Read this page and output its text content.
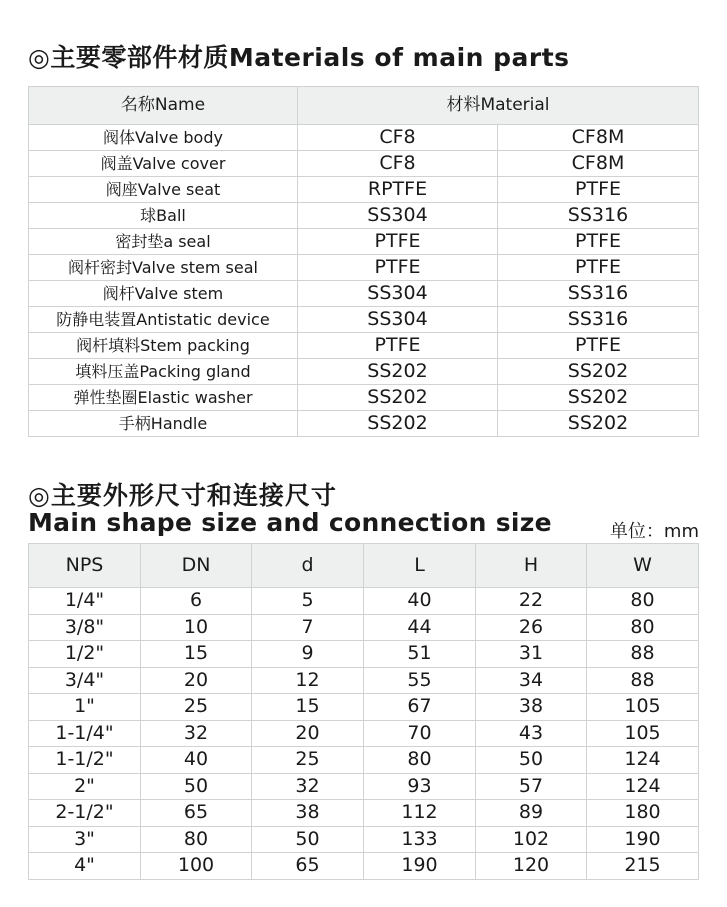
◎主要零部件材质Materials of main parts
名称Name	材料Material	
阀体Valve body	CF8	CF8M
阀盖Valve cover	CF8	CF8M
阀座Valve seat	RPTFE	PTFE
球Ball	SS304	SS316
密封垫a seal	PTFE	PTFE
阀杆密封Valve stem seal	PTFE	PTFE
阀杆Valve stem	SS304	SS316
防静电装置Antistatic device	SS304	SS316
阀杆填料Stem packing	PTFE	PTFE
填料压盖Packing gland	SS202	SS202
弹性垫圈Elastic washer	SS202	SS202
手柄Handle	SS202	SS202
◎主要外形尺寸和连接尺寸
Main shape size and connection size	单位：mm
NPS	DN	d	L	H	W
1/4"	6	5	40	22	80
3/8"	10	7	44	26	80
1/2"	15	9	51	31	88
3/4"	20	12	55	34	88
1"	25	15	67	38	105
1-1/4"	32	20	70	43	105
1-1/2"	40	25	80	50	124
2"	50	32	93	57	124
2-1/2"	65	38	112	89	180
3"	80	50	133	102	190
4"	100	65	190	120	215
